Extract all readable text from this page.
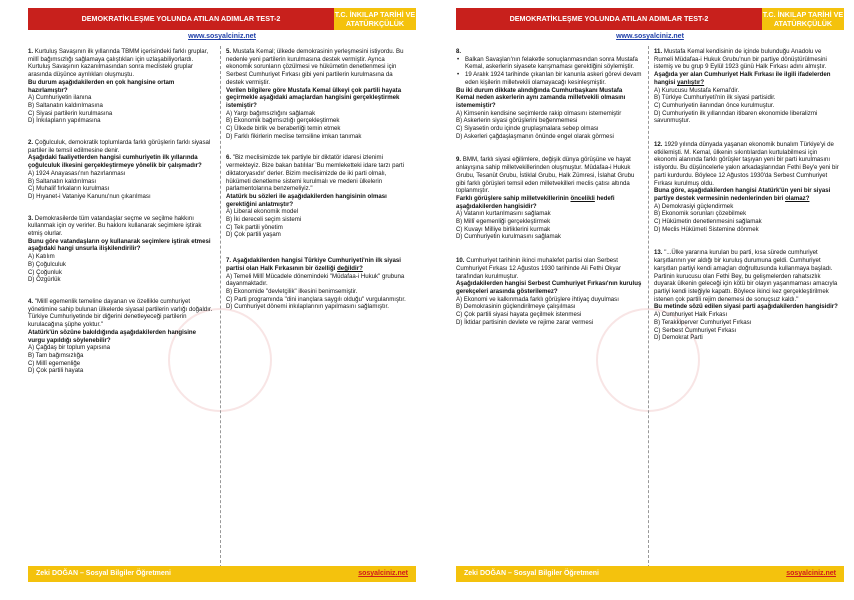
DEMOKRATİKLEŞME YOLUNDA ATILAN ADIMLAR TEST-2	T.C. İNKILAP TARİHİ VE ATATÜRKÇÜLÜK
www.sosyalciniz.net

1. Kurtuluş Savaşının ilk yıllarında TBMM içerisindeki farklı gruplar, millî bağımsızlığı sağlamaya çalıştıkları için uzlaşabiliyorlardı. Kurtuluş Savaşının kazanılmasından sonra meclisteki gruplar arasında düşünce ayrılıkları oluşmuştu.

Bu durum aşağıdakilerden en çok hangisine ortam hazırlamıştır?

A) Cumhuriyetin ilanına

B) Saltanatın kaldırılmasına

C) Siyasi partilerin kurulmasına

D) İnkılapların yapılmasına

2. Çoğulculuk, demokratik toplumlarda farklı görüşlerin farklı siyasal partiler ile temsil edilmesine denir.

Aşağıdaki faaliyetlerden hangisi cumhuriyetin ilk yıllarında çoğulculuk ilkesini gerçekleştirmeye yönelik bir çalışmadır?

A) 1924 Anayasası'nın hazırlanması

B) Saltanatın kaldırılması

C) Muhalif fırkaların kurulması

D) Hıyanet-i Vataniye Kanunu'nun çıkarılması

3. Demokrasilerde tüm vatandaşlar seçme ve seçilme hakkını kullanmak için oy verirler. Bu hakkını kullanarak seçimlere iştirak etmiş olurlar.

Bunu göre vatandaşların oy kullanarak seçimlere iştirak etmesi aşağıdaki hangi unsurla ilişkilendirilir?

A) Katılım

B) Çoğulculuk

C) Çoğunluk

D) Özgürlük

4. "Millî egemenlik temeline dayanan ve özellikle cumhuriyet yönetimine sahip bulunan ülkelerde siyasal partilerin varlığı doğaldır. Türkiye Cumhuriyetinde bir diğerini denetleyeceği partilerin kurulacağına şüphe yoktur."

Atatürk'ün sözüne bakıldığında aşağıdakilerden hangisine vurgu yapıldığı söylenebilir?

A) Çağdaş bir toplum yapısına

B) Tam bağımsızlığa

C) Millî egemenliğe

D) Çok partili hayata

5. Mustafa Kemal; ülkede demokrasinin yerleşmesini istiyordu. Bu nedenle yeni partilerin kurulmasına destek vermiştir. Ayrıca ekonomik sorunların çözülmesi ve hükümetin denetlenmesi için Serbest Cumhuriyet Fırkası gibi yeni partilerin kurulmasına da destek vermiştir.

Verilen bilgilere göre Mustafa Kemal ülkeyi çok partili hayata geçirmekle aşağıdaki amaçlardan hangisini gerçekleştirmek istemiştir?

A) Yargı bağımsızlığını sağlamak

B) Ekonomik bağımsızlığı gerçekleştirmek

C) Ülkede birlik ve beraberliği temin etmek

D) Farklı fikirlerin meclise temsiline imkan tanımak

6. "Biz meclisimizde tek partiyle bir diktatör idaresi izlenimi vermekteyiz. Bize bakan batılılar 'Bu memleketteki idare tarzı parti diktatoryasıdır' derler. Bizim meclisimizde de iki parti olmalı, hükümeti denetleme sistemi kurulmalı ve medeni ülkelerin parlamentolarına benzemeliyiz."

Atatürk bu sözleri ile aşağıdakilerden hangisinin olması gerektiğini anlatmıştır?

A) Liberal ekonomik model

B) İki dereceli seçim sistemi

C) Tek partili yönetim

D) Çok partili yaşam

7. Aşağıdakilerden hangisi Türkiye Cumhuriyeti'nin ilk siyasi partisi olan Halk Fırkasının bir özelliği değildir?

A) Temeli Millî Mücadele dönemindeki "Müdafaa-i Hukuk" grubuna dayanmaktadır.

B) Ekonomide "devletçilik" ilkesini benimsemiştir.

C) Parti programında "dini inançlara saygılı olduğu" vurgulanmıştır.

D) Cumhuriyet dönemi inkılaplarının yapılmasını sağlamıştır.

Zeki DOĞAN – Sosyal Bilgiler Öğretmeni	sosyalciniz.net
DEMOKRATİKLEŞME YOLUNDA ATILAN ADIMLAR TEST-2	T.C. İNKILAP TARİHİ VE ATATÜRKÇÜLÜK
www.sosyalciniz.net

8.

• Balkan Savaşları'nın felaketle sonuçlanmasından sonra Mustafa Kemal, askerlerin siyasete karışmaması gerektiğini söylemiştir.

• 19 Aralık 1924 tarihinde çıkarılan bir kanunla askeri görevi devam eden kişilerin milletvekili olamayacağı kesinleşmiştir.

Bu iki durum dikkate alındığında Cumhurbaşkanı Mustafa Kemal neden askerlerin aynı zamanda milletvekili olmasını istememiştir?

A) Kimsenin kendisine seçimlerde rakip olmasını istememiştir

B) Askerlerin siyasi görüşlerini beğenmemesi

C) Siyasetin ordu içinde gruplaşmalara sebep olması

D) Askerleri çağdaşlaşmanın önünde engel olarak görmesi

9. BMM, farklı siyasi eğilimlere, değişik dünya görüşüne ve hayat anlayışına sahip milletvekillerinden oluşmuştur. Müdafaa-i Hukuk Grubu, Tesanüt Grubu, İstiklal Grubu, Halk Zümresi, İslahat Grubu gibi farklı görüşleri temsil eden milletvekilleri meclis çatısı altında toplanmıştır.

Farklı görüşlere sahip milletvekillerinin öncelikli hedefi aşağıdakilerden hangisidir?

A) Vatanın kurtarılmasını sağlamak

B) Millî egemenliği gerçekleştirmek

C) Kuvayı Milliye birliklerini kurmak

D) Cumhuriyetin kurulmasını sağlamak

10. Cumhuriyet tarihinin ikinci muhalefet partisi olan Serbest Cumhuriyet Fırkası 12 Ağustos 1930 tarihinde Ali Fethi Okyar tarafından kurulmuştur.

Aşağıdakilerden hangisi Serbest Cumhuriyet Fırkası'nın kuruluş gerekçeleri arasında gösterilemez?

A) Ekonomi ve kalkınmada farklı görüşlere ihtiyaç duyulması

B) Demokrasinin güçlendirilmeye çalışılması

C) Çok partili siyasi hayata geçilmek istenmesi

D) İktidar partisinin devlete ve rejime zarar vermesi

11. Mustafa Kemal kendisinin de içinde bulunduğu Anadolu ve Rumeli Müdafaa-i Hukuk Grubu'nun bir partiye dönüştürülmesini istemiş ve bu grup 9 Eylül 1923 günü Halk Fırkası adını almıştır.

Aşağıda yer alan Cumhuriyet Halk Fırkası ile ilgili ifadelerden hangisi yanlıştır?

A) Kurucusu Mustafa Kemal'dir.

B) Türkiye Cumhuriyeti'nin ilk siyasi partisidir.

C) Cumhuriyetin ilanından önce kurulmuştur.

D) Cumhuriyetin ilk yıllarından itibaren ekonomide liberalizmi savunmuştur.

12. 1929 yılında dünyada yaşanan ekonomik bunalım Türkiye'yi de etkilemişti. M. Kemal, ülkenin sıkıntılardan kurtulabilmesi için ekonomi alanında farklı görüşler taşıyan yeni bir parti kurulmasını istiyordu. Bu düşüncelerle yakın arkadaşlarından Fethi Bey'e yeni bir parti kurdurdu. Böylece 12 Ağustos 1930'da Serbest Cumhuriyet Fırkası kurulmuş oldu.

Buna göre, aşağıdakilerden hangisi Atatürk'ün yeni bir siyasi partiye destek vermesinin nedenlerinden biri olamaz?

A) Demokrasiyi güçlendirmek

B) Ekonomik sorunları çözebilmek

C) Hükümetin denetlenmesini sağlamak

D) Meclis Hükümeti Sistemine dönmek

13. "...Ülke yararına kurulan bu parti, kısa sürede cumhuriyet karşıtlarının yer aldığı bir kuruluş durumuna geldi. Cumhuriyet karşıtları partiyi kendi amaçları doğrultusunda kullanmaya başladı. Partinin kurucusu olan Fethi Bey, bu gelişmelerden rahatsızlık duyarak ülkenin geleceği için kötü bir olayın yaşanmaması amacıyla partiyi kendi isteğiyle kapattı. Böylece ikinci kez gerçekleştirilmek istenen çok partili rejim denemesi de sonuçsuz kaldı."

Bu metinde sözü edilen siyasi parti aşağıdakilerden hangisidir?

A) Cumhuriyet Halk Fırkası

B) Terakkiperver Cumhuriyet Fırkası

C) Serbest Cumhuriyet Fırkası

D) Demokrat Parti

Zeki DOĞAN – Sosyal Bilgiler Öğretmeni	sosyalciniz.net
